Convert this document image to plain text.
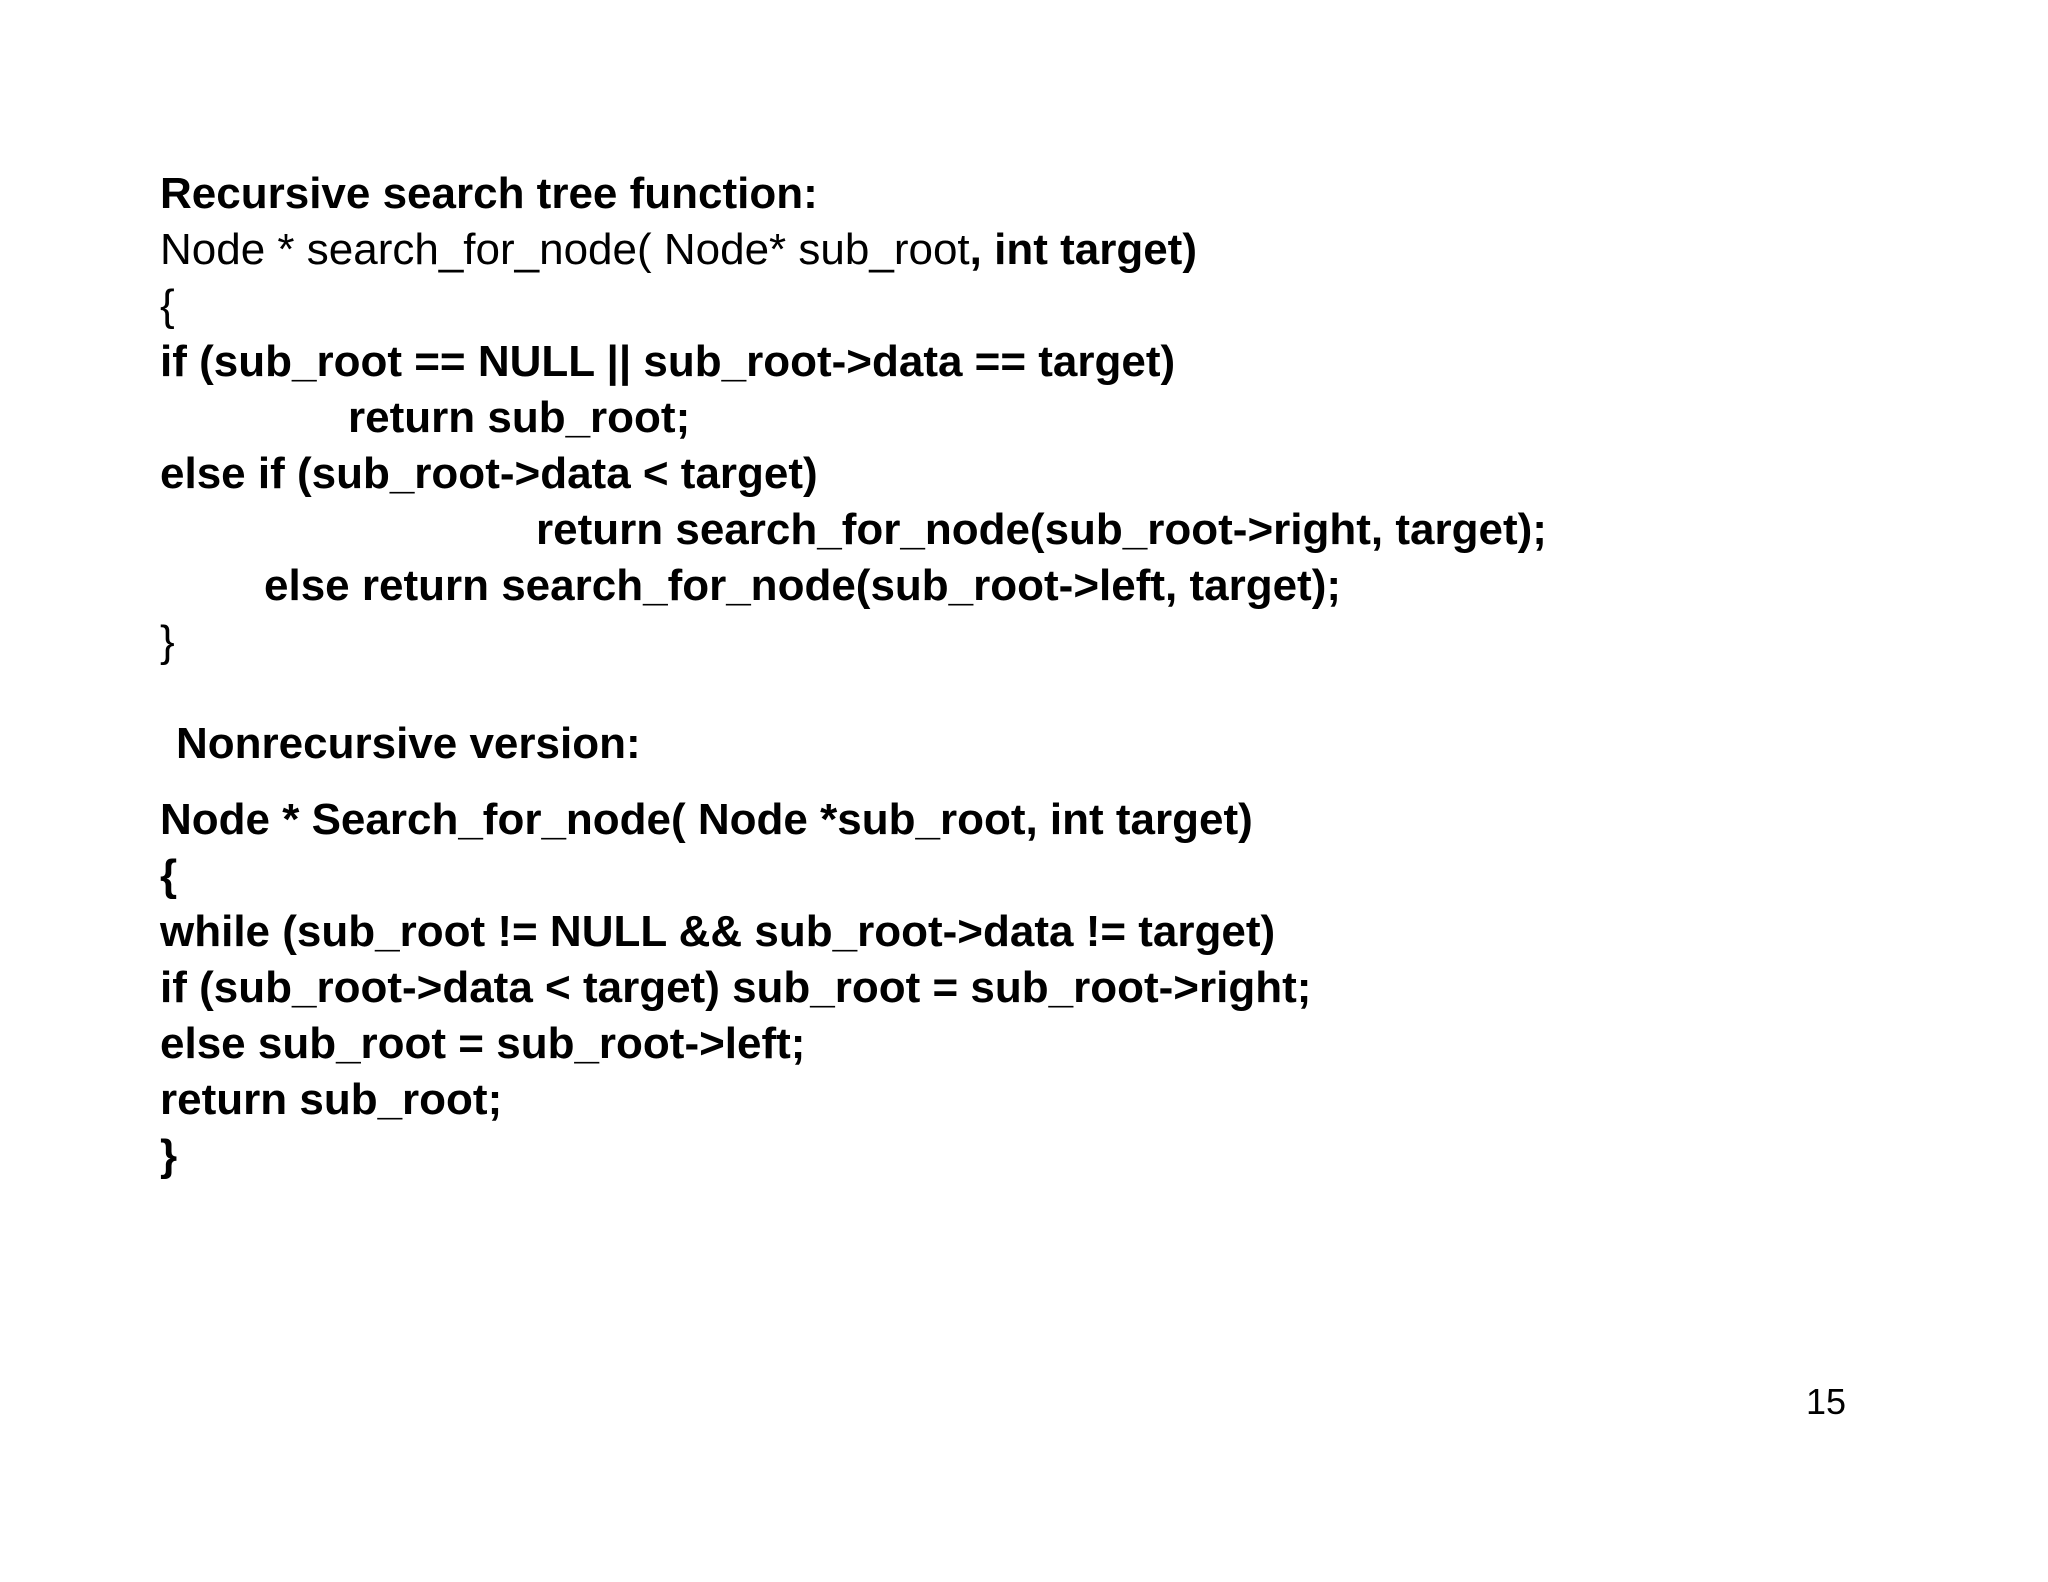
Recursive search tree function:
Node * search_for_node( Node* sub_root, int target)
{
if (sub_root == NULL || sub_root->data == target)
return sub_root;
else if (sub_root->data < target)
return search_for_node(sub_root->right, target);
else return search_for_node(sub_root->left, target);
}
Nonrecursive version:
Node * Search_for_node( Node *sub_root, int target)
{
while (sub_root != NULL && sub_root->data != target)
if (sub_root->data < target) sub_root = sub_root->right;
else sub_root = sub_root->left;
return sub_root;
}
15
